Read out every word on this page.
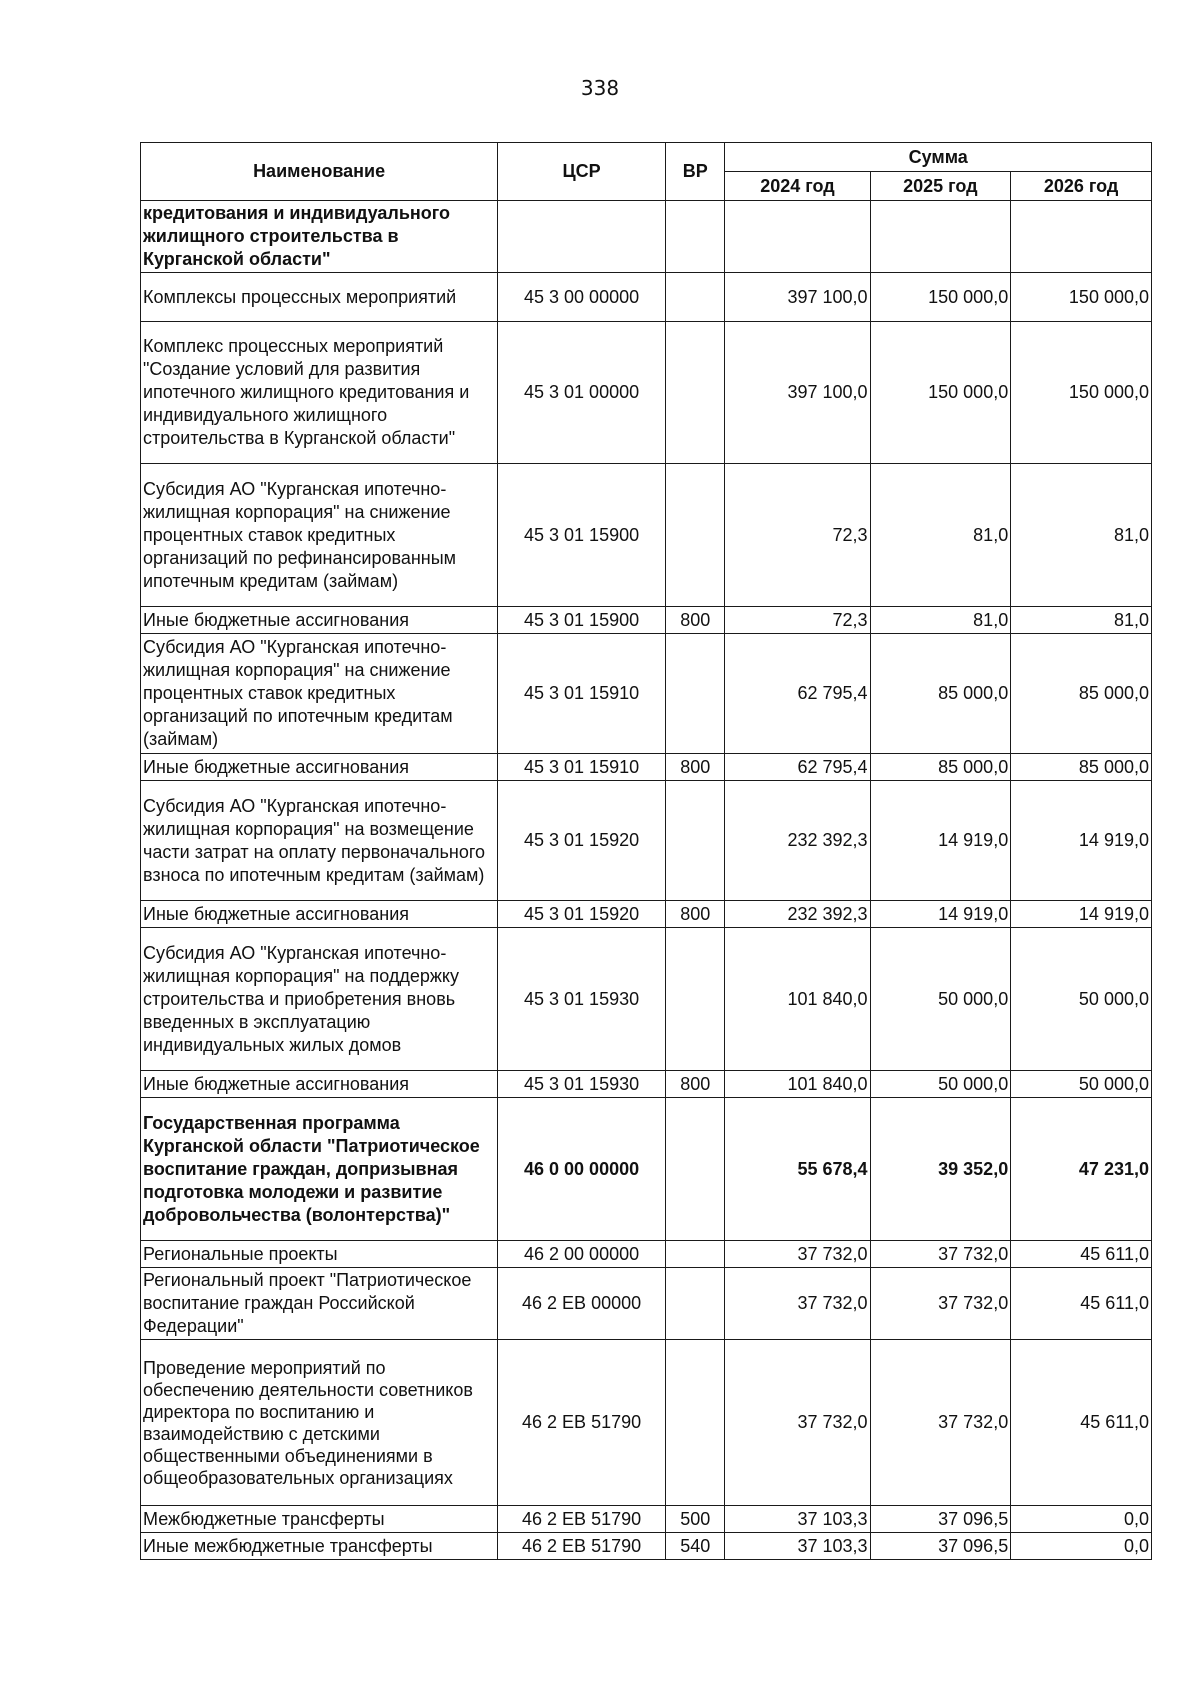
338
Наименование	ЦСР	ВР	Сумма		
			2024 год	2025 год	2026 год
кредитования и индивидуального жилищного строительства в Курганской области"					
Комплексы процессных мероприятий	45 3 00 00000		397 100,0	150 000,0	150 000,0
Комплекс процессных мероприятий "Создание условий для развития ипотечного жилищного кредитования и индивидуального жилищного строительства в Курганской области"	45 3 01 00000		397 100,0	150 000,0	150 000,0
Субсидия АО "Курганская ипотечно-жилищная корпорация" на снижение процентных ставок кредитных организаций по рефинансированным ипотечным кредитам (займам)	45 3 01 15900		72,3	81,0	81,0
Иные бюджетные ассигнования	45 3 01 15900	800	72,3	81,0	81,0
Субсидия АО "Курганская ипотечно-жилищная корпорация" на снижение процентных ставок кредитных организаций по ипотечным кредитам (займам)	45 3 01 15910		62 795,4	85 000,0	85 000,0
Иные бюджетные ассигнования	45 3 01 15910	800	62 795,4	85 000,0	85 000,0
Субсидия АО "Курганская ипотечно-жилищная корпорация" на возмещение части затрат на оплату первоначального взноса по ипотечным кредитам (займам)	45 3 01 15920		232 392,3	14 919,0	14 919,0
Иные бюджетные ассигнования	45 3 01 15920	800	232 392,3	14 919,0	14 919,0
Субсидия АО "Курганская ипотечно-жилищная корпорация" на поддержку строительства и приобретения вновь введенных в эксплуатацию индивидуальных жилых домов	45 3 01 15930		101 840,0	50 000,0	50 000,0
Иные бюджетные ассигнования	45 3 01 15930	800	101 840,0	50 000,0	50 000,0
Государственная программа Курганской области "Патриотическое воспитание граждан, допризывная подготовка молодежи и развитие добровольчества (волонтерства)"	46 0 00 00000		55 678,4	39 352,0	47 231,0
Региональные проекты	46 2 00 00000		37 732,0	37 732,0	45 611,0
Региональный проект "Патриотическое воспитание граждан Российской Федерации"	46 2 ЕВ 00000		37 732,0	37 732,0	45 611,0
Проведение мероприятий по обеспечению деятельности советников директора по воспитанию и взаимодействию с детскими общественными объединениями в общеобразовательных организациях	46 2 ЕВ 51790		37 732,0	37 732,0	45 611,0
Межбюджетные трансферты	46 2 ЕВ 51790	500	37 103,3	37 096,5	0,0
Иные межбюджетные трансферты	46 2 ЕВ 51790	540	37 103,3	37 096,5	0,0
